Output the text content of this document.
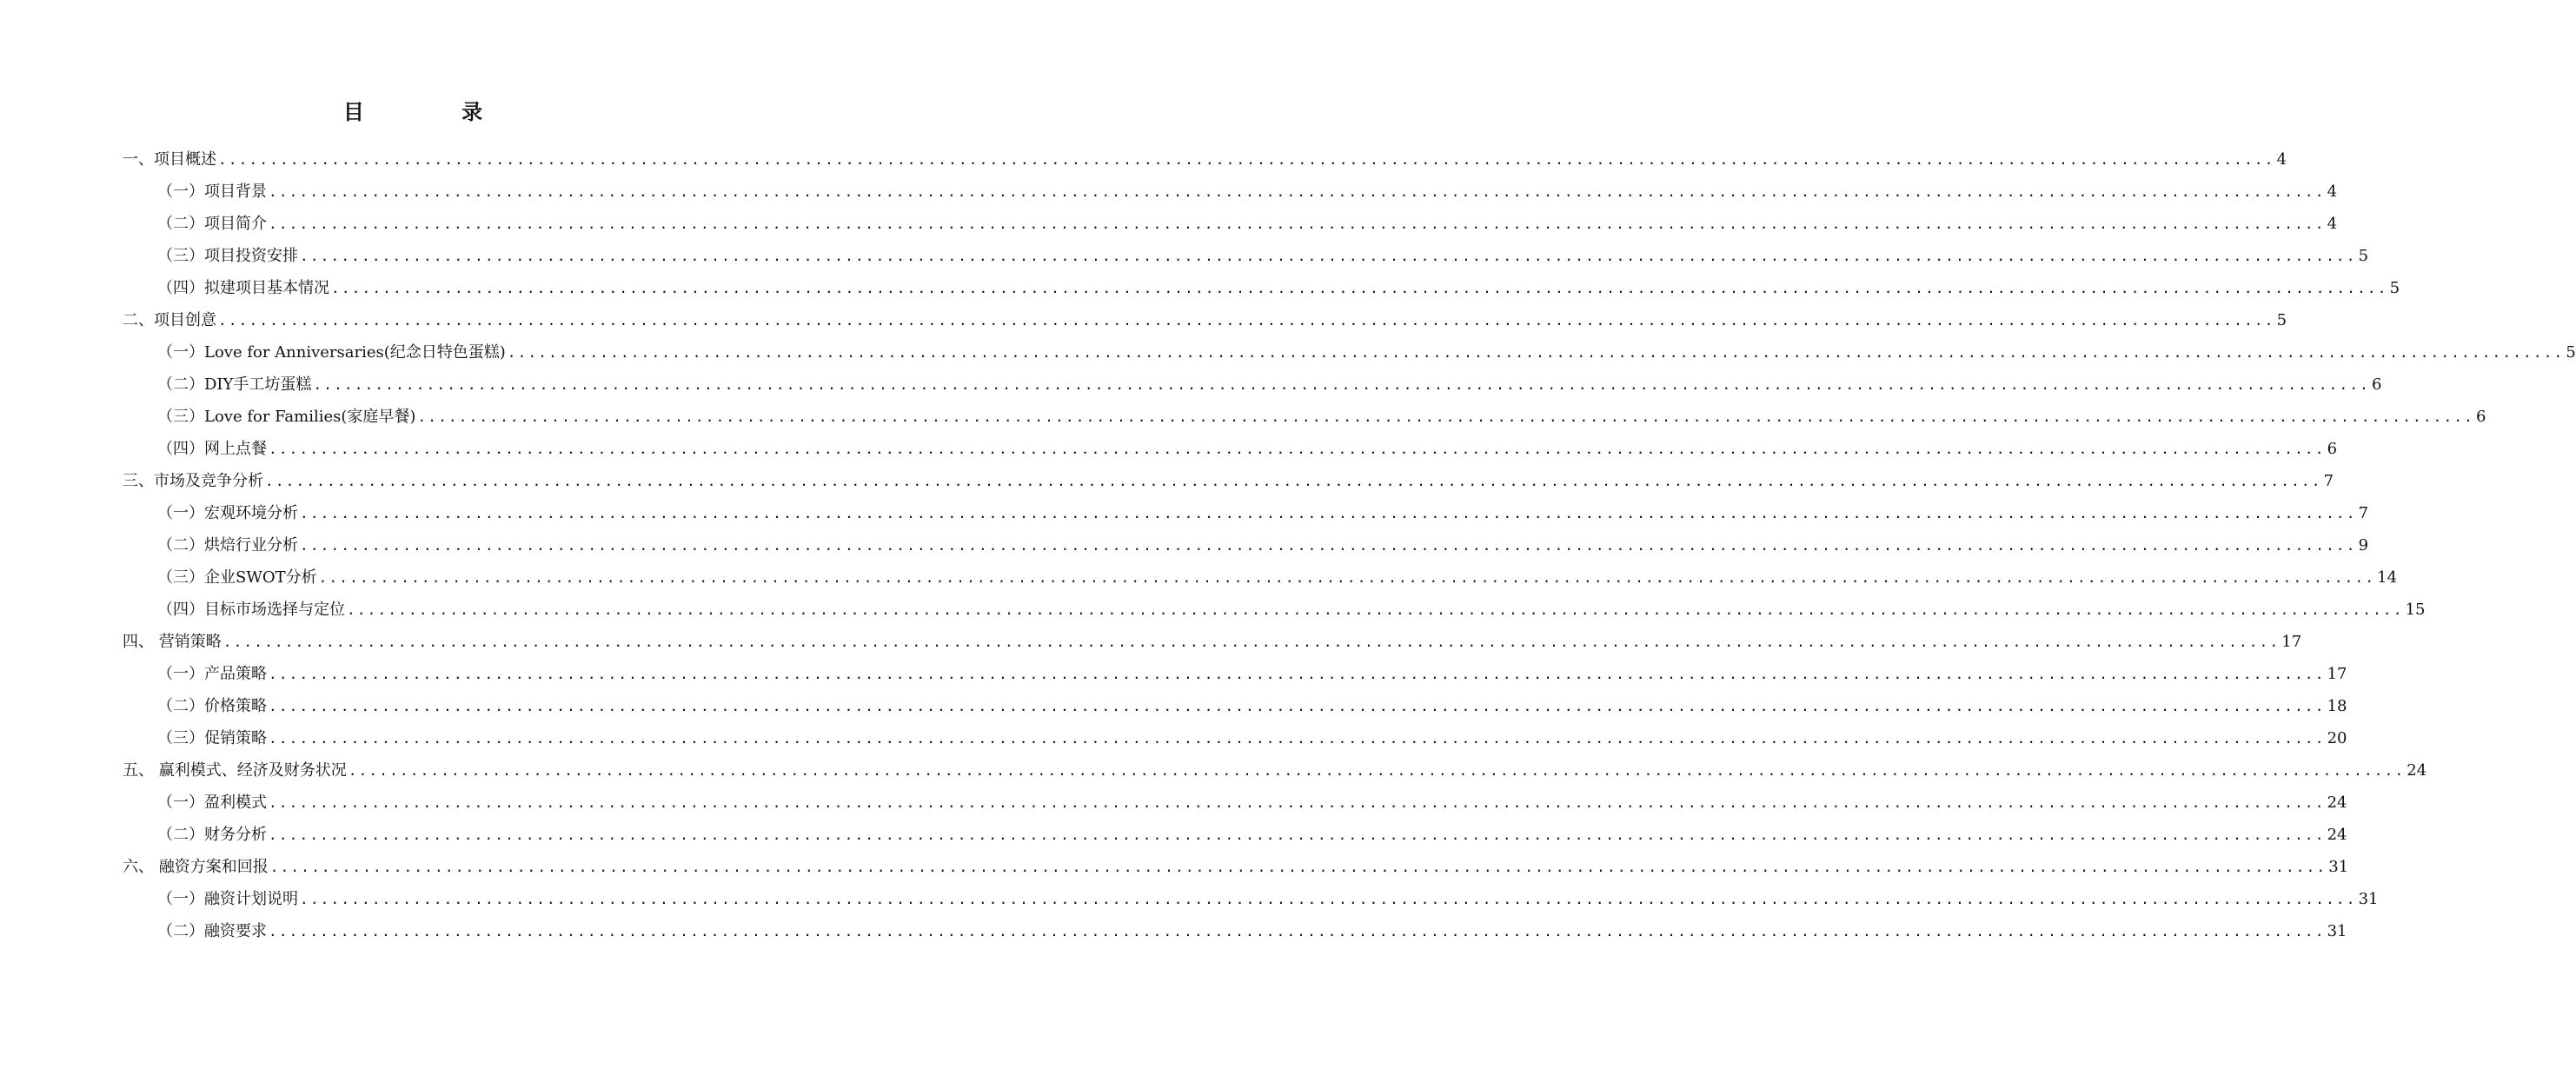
目 录
一、项目概述 ........................................................................................................................................................................................................ 4
（一）项目背景 ........................................................................................................................................................................................................ 4
（二）项目简介 ........................................................................................................................................................................................................ 4
（三）项目投资安排 ........................................................................................................................................................................................................ 5
（四）拟建项目基本情况 ........................................................................................................................................................................................................ 5
二、项目创意 ........................................................................................................................................................................................................ 5
（一）Love for Anniversaries(纪念日特色蛋糕) ........................................................................................................................................................................................................ 5
（二）DIY手工坊蛋糕 ........................................................................................................................................................................................................ 6
（三）Love for Families(家庭早餐) ........................................................................................................................................................................................................ 6
（四）网上点餐 ........................................................................................................................................................................................................ 6
三、市场及竞争分析 ........................................................................................................................................................................................................ 7
（一）宏观环境分析 ........................................................................................................................................................................................................ 7
（二）烘焙行业分析 ........................................................................................................................................................................................................ 9
（三）企业SWOT分析 ........................................................................................................................................................................................................ 14
（四）目标市场选择与定位 ........................................................................................................................................................................................................ 15
四、 营销策略 ........................................................................................................................................................................................................ 17
（一）产品策略 ........................................................................................................................................................................................................ 17
（二）价格策略 ........................................................................................................................................................................................................ 18
（三）促销策略 ........................................................................................................................................................................................................ 20
五、 赢利模式、经济及财务状况 ........................................................................................................................................................................................................ 24
（一）盈利模式 ........................................................................................................................................................................................................ 24
（二）财务分析 ........................................................................................................................................................................................................ 24
六、 融资方案和回报 ........................................................................................................................................................................................................ 31
（一）融资计划说明 ........................................................................................................................................................................................................ 31
（二）融资要求 ........................................................................................................................................................................................................ 31
